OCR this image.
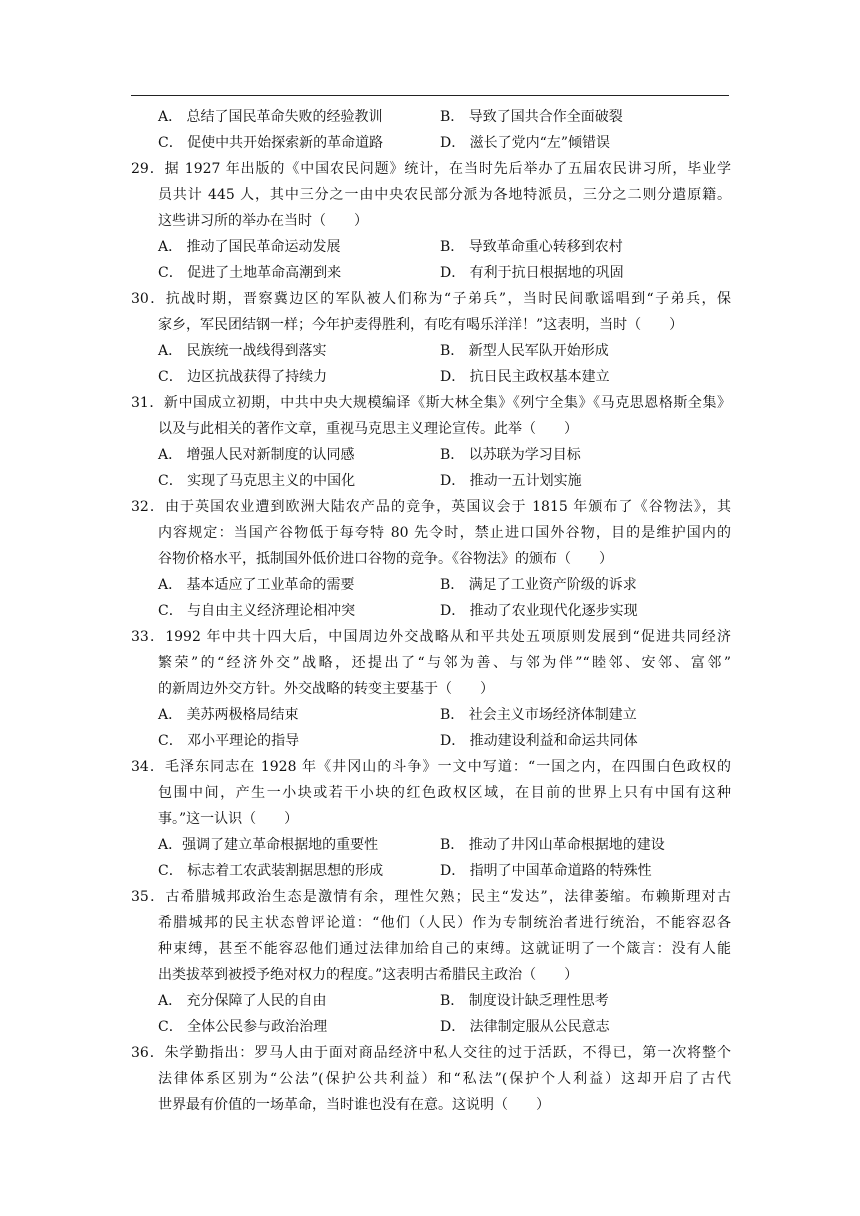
A． 总结了国民革命失败的经验教训	B． 导致了国共合作全面破裂
C． 促使中共开始探索新的革命道路	D． 滋长了党内“左”倾错误
29．据 1927 年出版的《中国农民问题》统计，在当时先后举办了五届农民讲习所，毕业学
员共计 445 人，其中三分之一由中央农民部分派为各地特派员，三分之二则分遣原籍。
这些讲习所的举办在当时（　　）
A． 推动了国民革命运动发展	B． 导致革命重心转移到农村
C． 促进了土地革命高潮到来	D． 有利于抗日根据地的巩固
30．抗战时期，晋察冀边区的军队被人们称为“子弟兵”，当时民间歌谣唱到“子弟兵，保
家乡，军民团结钢一样；今年护麦得胜利，有吃有喝乐洋洋！”这表明，当时（　　）
A． 民族统一战线得到落实	B． 新型人民军队开始形成
C． 边区抗战获得了持续力	D． 抗日民主政权基本建立
31．新中国成立初期，中共中央大规模编译《斯大林全集》《列宁全集》《马克思恩格斯全集》
以及与此相关的著作文章，重视马克思主义理论宣传。此举（　　）
A． 增强人民对新制度的认同感	B． 以苏联为学习目标
C． 实现了马克思主义的中国化	D． 推动一五计划实施
32．由于英国农业遭到欧洲大陆农产品的竞争，英国议会于 1815 年颁布了《谷物法》，其
内容规定：当国产谷物低于每夸特 80 先令时，禁止进口国外谷物，目的是维护国内的
谷物价格水平，抵制国外低价进口谷物的竞争。《谷物法》的颁布（　　）
A． 基本适应了工业革命的需要	B． 满足了工业资产阶级的诉求
C． 与自由主义经济理论相冲突	D． 推动了农业现代化逐步实现
33．1992 年中共十四大后，中国周边外交战略从和平共处五项原则发展到“促进共同经济
繁荣”的“经济外交”战略，还提出了“与邻为善、与邻为伴”“睦邻、安邻、富邻”
的新周边外交方针。外交战略的转变主要基于（　　）
A． 美苏两极格局结束	B． 社会主义市场经济体制建立
C． 邓小平理论的指导	D． 推动建设利益和命运共同体
34．毛泽东同志在 1928 年《井冈山的斗争》一文中写道：“一国之内，在四围白色政权的
包围中间，产生一小块或若干小块的红色政权区域，在目前的世界上只有中国有这种
事。”这一认识（　　）
A．强调了建立革命根据地的重要性	B． 推动了井冈山革命根据地的建设
C． 标志着工农武装割据思想的形成	D． 指明了中国革命道路的特殊性
35．古希腊城邦政治生态是激情有余，理性欠熟；民主“发达”，法律萎缩。布赖斯理对古
希腊城邦的民主状态曾评论道：“他们（人民）作为专制统治者进行统治，不能容忍各
种束缚，甚至不能容忍他们通过法律加给自己的束缚。这就证明了一个箴言：没有人能
出类拔萃到被授予绝对权力的程度。”这表明古希腊民主政治（　　）
A． 充分保障了人民的自由	B． 制度设计缺乏理性思考
C． 全体公民参与政治治理	D． 法律制定服从公民意志
36．朱学勤指出：罗马人由于面对商品经济中私人交往的过于活跃，不得已，第一次将整个
法律体系区别为“公法”(保护公共利益）和“私法”(保护个人利益）这却开启了古代
世界最有价值的一场革命，当时谁也没有在意。这说明（　　）
